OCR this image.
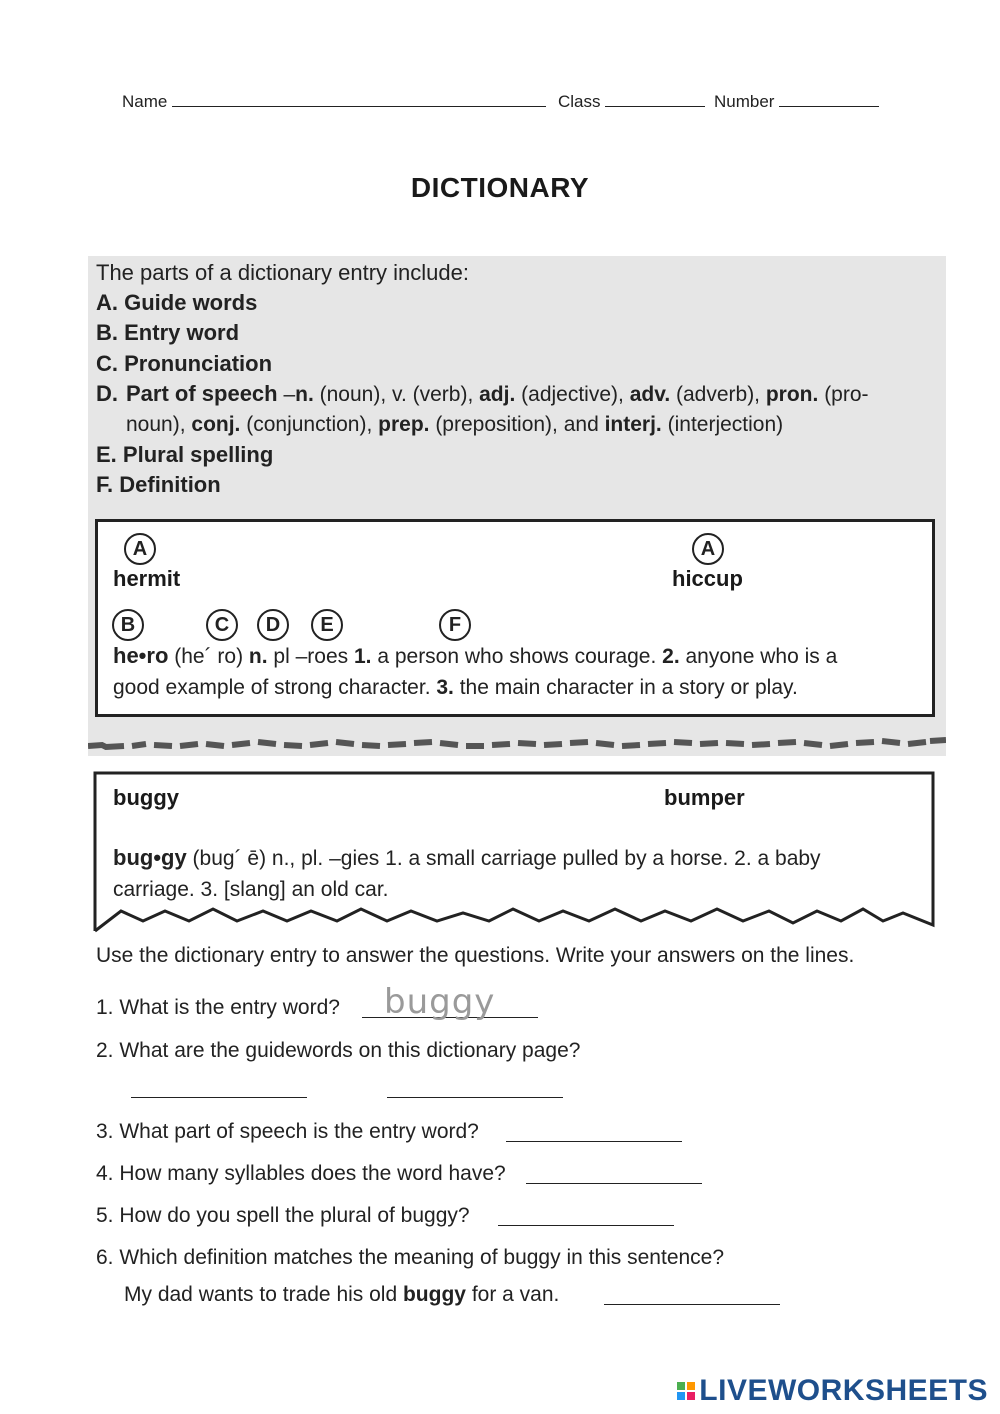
Name	Class	Number
DICTIONARY
The parts of a dictionary entry include:
A. Guide words
B. Entry word
C. Pronunciation
D. Part of speech –n. (noun), v. (verb), adj. (adjective), adv. (adverb), pron. (pro-
noun), conj. (conjunction), prep. (preposition), and interj. (interjection)
E. Plural spelling
F. Definition
A	A
hermit	hiccup
B	C	D	E	F
he•ro (he´ ro) n. pl –roes 1. a person who shows courage. 2. anyone who is a
good example of strong character. 3. the main character in a story or play.
buggy	bumper
bug•gy (bug´ ē) n., pl. –gies 1. a small carriage pulled by a horse. 2. a baby
carriage. 3. [slang] an old car.
Use the dictionary entry to answer the questions. Write your answers on the lines.
1. What is the entry word? buggy
2. What are the guidewords on this dictionary page?
3. What part of speech is the entry word?
4. How many syllables does the word have?
5. How do you spell the plural of buggy?
6. Which definition matches the meaning of buggy in this sentence?
My dad wants to trade his old buggy for a van.
LIVEWORKSHEETS
